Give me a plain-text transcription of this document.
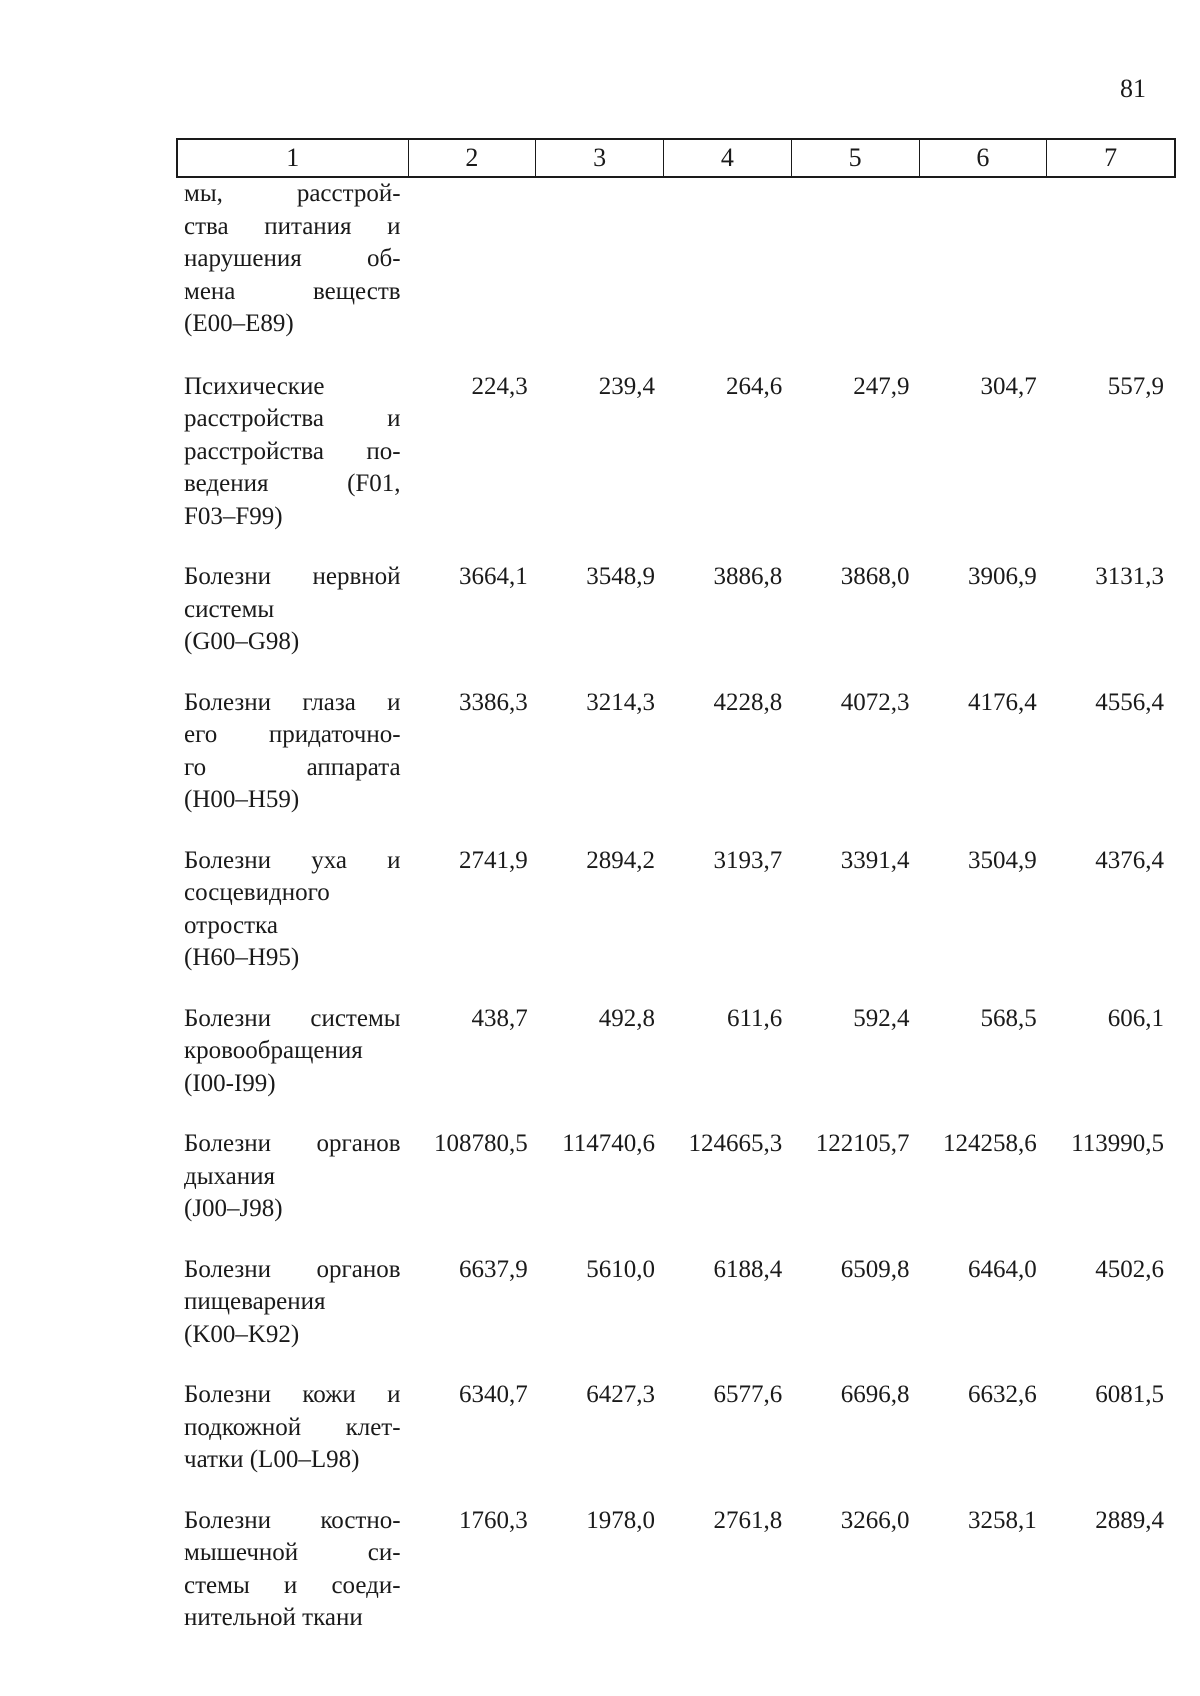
81
1	2	3	4	5	6	7
мы, расстрой-
ства питания и
нарушения об-
мена веществ
(E00–E89)
Психические
расстройства и
расстройства по-
ведения (F01,
F03–F99)
224,3	239,4	264,6	247,9	304,7	557,9
Болезни нервной
системы
(G00–G98)
3664,1	3548,9	3886,8	3868,0	3906,9	3131,3
Болезни глаза и
его придаточно-
го аппарата
(H00–H59)
3386,3	3214,3	4228,8	4072,3	4176,4	4556,4
Болезни уха и
сосцевидного
отростка
(H60–H95)
2741,9	2894,2	3193,7	3391,4	3504,9	4376,4
Болезни системы
кровообращения
(I00-I99)
438,7	492,8	611,6	592,4	568,5	606,1
Болезни органов
дыхания
(J00–J98)
108780,5	114740,6	124665,3	122105,7	124258,6	113990,5
Болезни органов
пищеварения
(K00–K92)
6637,9	5610,0	6188,4	6509,8	6464,0	4502,6
Болезни кожи и
подкожной клет-
чатки (L00–L98)
6340,7	6427,3	6577,6	6696,8	6632,6	6081,5
Болезни костно-
мышечной си-
стемы и соеди-
нительной ткани
1760,3	1978,0	2761,8	3266,0	3258,1	2889,4
